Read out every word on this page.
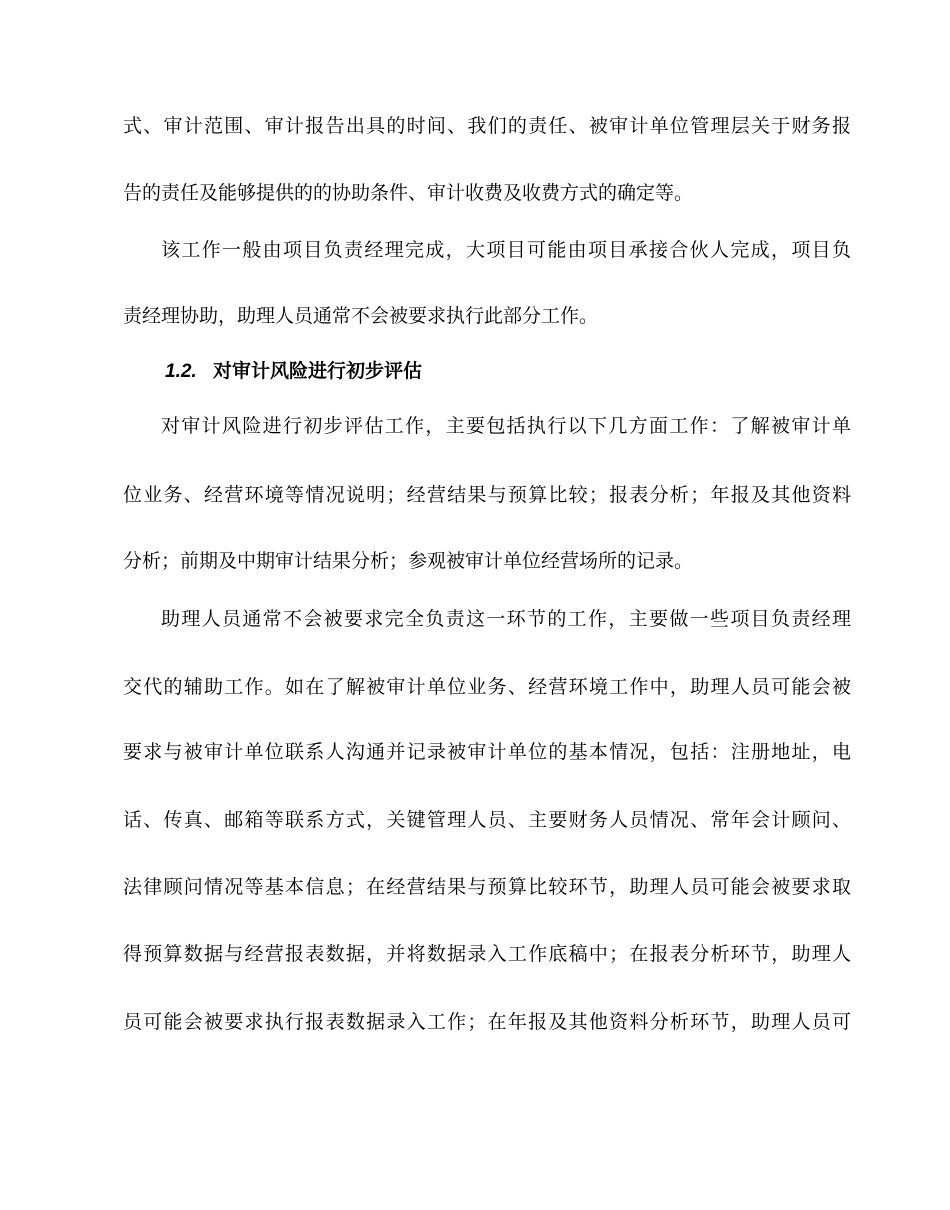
式、审计范围、审计报告出具的时间、我们的责任、被审计单位管理层关于财务报
告的责任及能够提供的的协助条件、审计收费及收费方式的确定等。
该工作一般由项目负责经理完成，大项目可能由项目承接合伙人完成，项目负
责经理协助，助理人员通常不会被要求执行此部分工作。
1.2. 对审计风险进行初步评估
对审计风险进行初步评估工作，主要包括执行以下几方面工作：了解被审计单
位业务、经营环境等情况说明；经营结果与预算比较；报表分析；年报及其他资料
分析；前期及中期审计结果分析；参观被审计单位经营场所的记录。
助理人员通常不会被要求完全负责这一环节的工作，主要做一些项目负责经理
交代的辅助工作。如在了解被审计单位业务、经营环境工作中，助理人员可能会被
要求与被审计单位联系人沟通并记录被审计单位的基本情况，包括：注册地址，电
话、传真、邮箱等联系方式，关键管理人员、主要财务人员情况、常年会计顾问、
法律顾问情况等基本信息；在经营结果与预算比较环节，助理人员可能会被要求取
得预算数据与经营报表数据，并将数据录入工作底稿中；在报表分析环节，助理人
员可能会被要求执行报表数据录入工作；在年报及其他资料分析环节，助理人员可
